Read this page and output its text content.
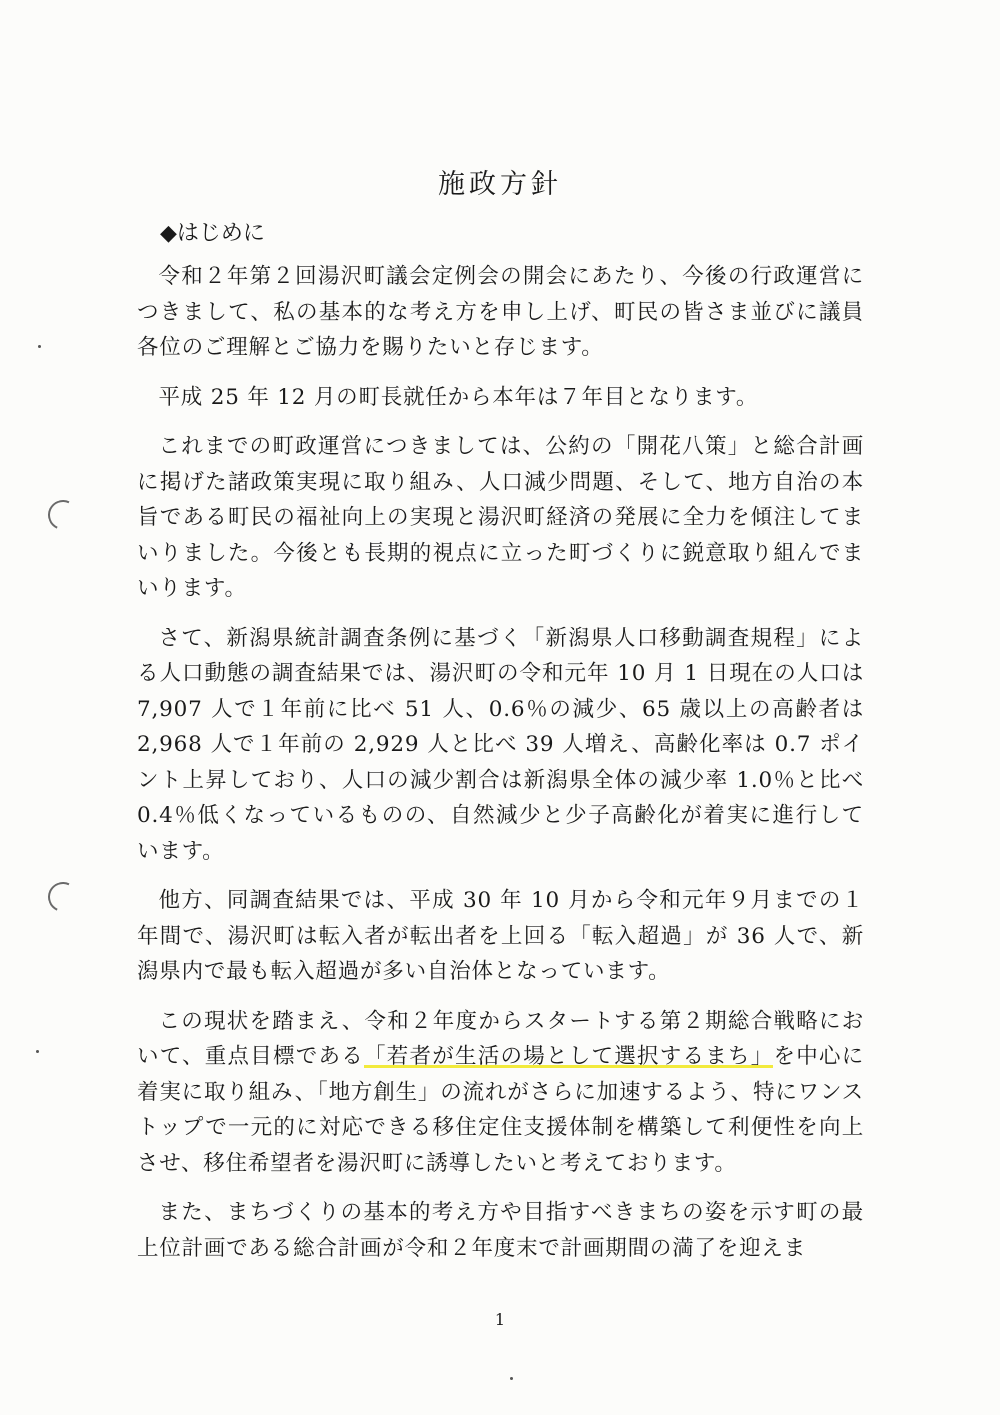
施政方針
◆はじめに

令和２年第２回湯沢町議会定例会の開会にあたり、今後の行政運営につきまして、私の基本的な考え方を申し上げ、町民の皆さま並びに議員各位のご理解とご協力を賜りたいと存じます。

平成 25 年 12 月の町長就任から本年は７年目となります。

これまでの町政運営につきましては、公約の「開花八策」と総合計画に掲げた諸政策実現に取り組み、人口減少問題、そして、地方自治の本旨である町民の福祉向上の実現と湯沢町経済の発展に全力を傾注してまいりました。今後とも長期的視点に立った町づくりに鋭意取り組んでまいります。

さて、新潟県統計調査条例に基づく「新潟県人口移動調査規程」による人口動態の調査結果では、湯沢町の令和元年 10 月 1 日現在の人口は 7,907 人で１年前に比べ 51 人、0.6％の減少、65 歳以上の高齢者は 2,968 人で１年前の 2,929 人と比べ 39 人増え、高齢化率は 0.7 ポイント上昇しており、人口の減少割合は新潟県全体の減少率 1.0％と比べ 0.4％低くなっているものの、自然減少と少子高齢化が着実に進行しています。

他方、同調査結果では、平成 30 年 10 月から令和元年９月までの１年間で、湯沢町は転入者が転出者を上回る「転入超過」が 36 人で、新潟県内で最も転入超過が多い自治体となっています。

この現状を踏まえ、令和２年度からスタートする第２期総合戦略において、重点目標である「若者が生活の場として選択するまち」を中心に着実に取り組み、「地方創生」の流れがさらに加速するよう、特にワンストップで一元的に対応できる移住定住支援体制を構築して利便性を向上させ、移住希望者を湯沢町に誘導したいと考えております。

また、まちづくりの基本的考え方や目指すべきまちの姿を示す町の最上位計画である総合計画が令和２年度末で計画期間の満了を迎えま

1
